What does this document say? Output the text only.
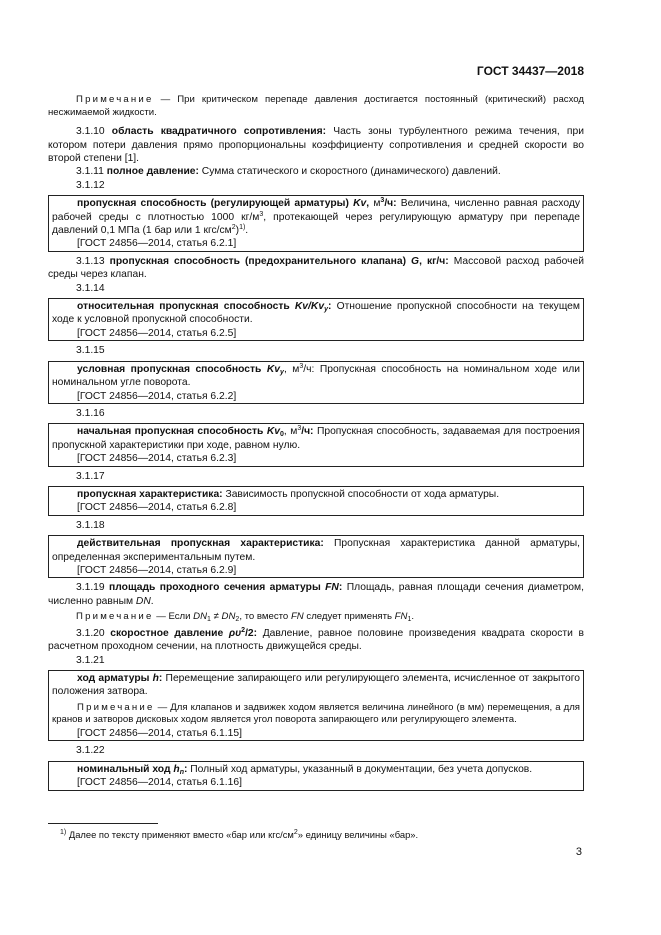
ГОСТ 34437—2018

Примечание — При критическом перепаде давления достигается постоянный (критический) расход несжимаемой жидкости.

3.1.10 область квадратичного сопротивления: Часть зоны турбулентного режима течения, при котором потери давления прямо пропорциональны коэффициенту сопротивления и средней скорости во второй степени [1].

3.1.11 полное давление: Сумма статического и скоростного (динамического) давлений.

3.1.12

пропускная способность (регулирующей арматуры) Kv, $м^3/ч$: Величина, численно равная расходу рабочей среды с плотностью 1000 $кг/м^3$, протекающей через регулирующую арматуру при перепаде давлений 0,1 МПа (1 бар или 1 кгс/$см^2)^{1)}$.

[ГОСТ 24856—2014, статья 6.2.1]

3.1.13 пропускная способность (предохранительного клапана) G, кг/ч: Массовой расход рабочей среды через клапан.

3.1.14

относительная пропускная способность $Kv/Kv_y$: Отношение пропускной способности на текущем ходе к условной пропускной способности.

[ГОСТ 24856—2014, статья 6.2.5]

3.1.15

условная пропускная способность $Kv_y$, $м^3/ч$: Пропускная способность на номинальном ходе или номинальном угле поворота.

[ГОСТ 24856—2014, статья 6.2.2]

3.1.16

начальная пропускная способность $Kv_0$, $м^3/ч$: Пропускная способность, задаваемая для построения пропускной характеристики при ходе, равном нулю.

[ГОСТ 24856—2014, статья 6.2.3]

3.1.17

пропускная характеристика: Зависимость пропускной способности от хода арматуры.

[ГОСТ 24856—2014, статья 6.2.8]

3.1.18

действительная пропускная характеристика: Пропускная характеристика данной арматуры, определенная экспериментальным путем.

[ГОСТ 24856—2014, статья 6.2.9]

3.1.19 площадь проходного сечения арматуры FN: Площадь, равная площади сечения диаметром, численно равным DN.

Примечание — Если $DN_1 \ne DN_2$, то вместо FN следует применять $FN_1$.

3.1.20 скоростное давление $\rho\upsilon^2/2$: Давление, равное половине произведения квадрата скорости в расчетном проходном сечении, на плотность движущейся среды.

3.1.21

ход арматуры h: Перемещение запирающего или регулирующего элемента, исчисленное от закрытого положения затвора.

Примечание — Для клапанов и задвижек ходом является величина линейного (в мм) перемещения, а для кранов и затворов дисковых ходом является угол поворота запирающего или регулирующего элемента.

[ГОСТ 24856—2014, статья 6.1.15]

3.1.22

номинальный ход $h_n$: Полный ход арматуры, указанный в документации, без учета допусков.

[ГОСТ 24856—2014, статья 6.1.16]

$^{1)}$ Далее по тексту применяют вместо «бар или кгс/$см^2$» единицу величины «бар».
3
